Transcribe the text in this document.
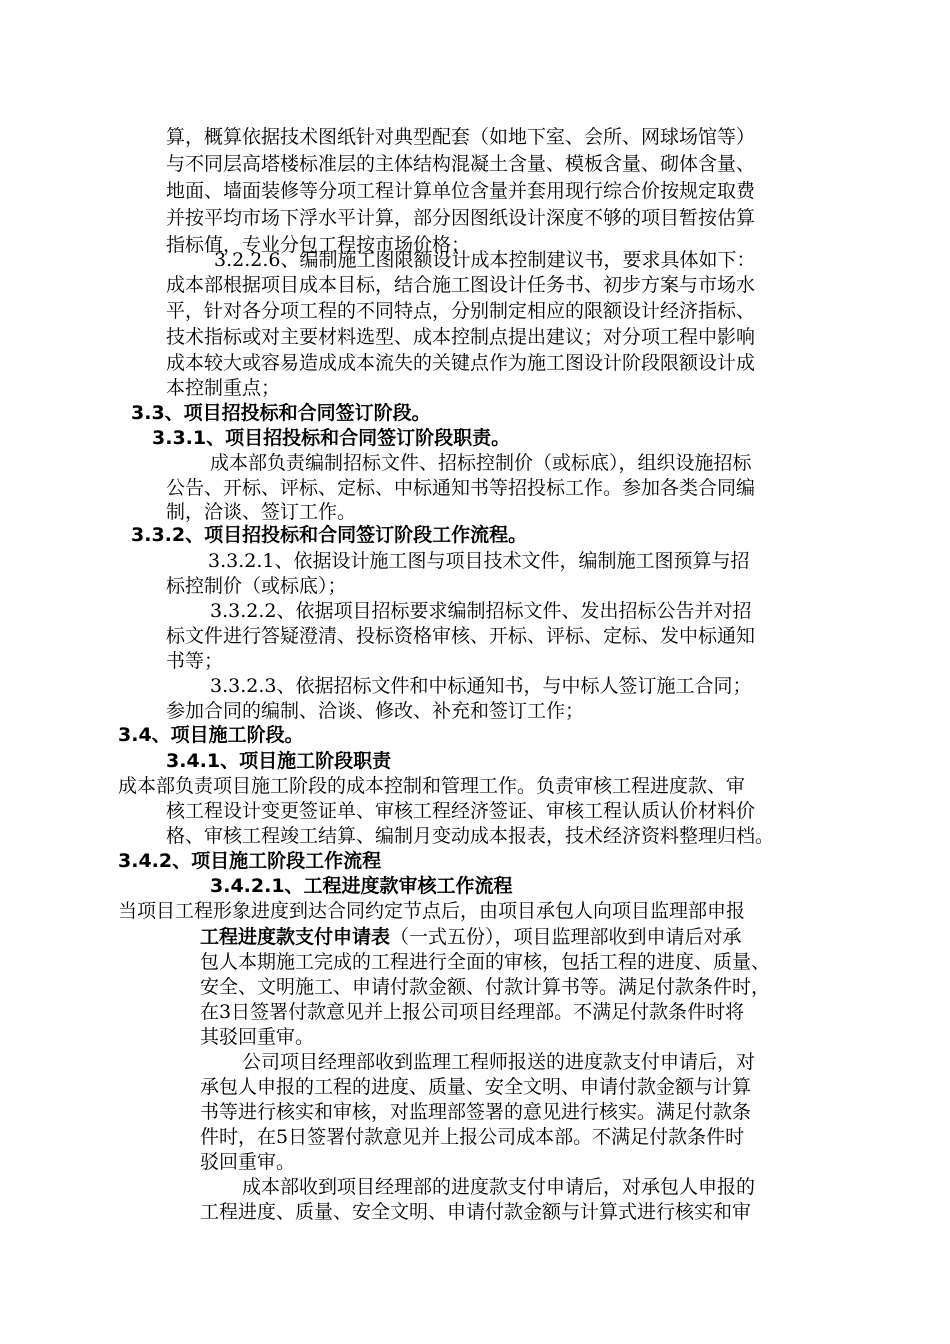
算，概算依据技术图纸针对典型配套（如地下室、会所、网球场馆等）
与不同层高塔楼标准层的主体结构混凝土含量、模板含量、砌体含量、
地面、墙面装修等分项工程计算单位含量并套用现行综合价按规定取费
并按平均市场下浮水平计算，部分因图纸设计深度不够的项目暂按估算
指标值，专业分包工程按市场价格；
3.2.2.6、编制施工图限额设计成本控制建议书，要求具体如下：
成本部根据项目成本目标，结合施工图设计任务书、初步方案与市场水
平，针对各分项工程的不同特点，分别制定相应的限额设计经济指标、
技术指标或对主要材料选型、成本控制点提出建议；对分项工程中影响
成本较大或容易造成成本流失的关键点作为施工图设计阶段限额设计成
本控制重点；
3.3、项目招投标和合同签订阶段。
3.3.1、项目招投标和合同签订阶段职责。
成本部负责编制招标文件、招标控制价（或标底），组织设施招标
公告、开标、评标、定标、中标通知书等招投标工作。参加各类合同编
制，洽谈、签订工作。
3.3.2、项目招投标和合同签订阶段工作流程。
3.3.2.1、依据设计施工图与项目技术文件，编制施工图预算与招
标控制价（或标底）；
3.3.2.2、依据项目招标要求编制招标文件、发出招标公告并对招
标文件进行答疑澄清、投标资格审核、开标、评标、定标、发中标通知
书等；
3.3.2.3、依据招标文件和中标通知书，与中标人签订施工合同；
参加合同的编制、洽谈、修改、补充和签订工作；
3.4、项目施工阶段。
3.4.1、项目施工阶段职责
成本部负责项目施工阶段的成本控制和管理工作。负责审核工程进度款、审
核工程设计变更签证单、审核工程经济签证、审核工程认质认价材料价
格、审核工程竣工结算、编制月变动成本报表，技术经济资料整理归档。
3.4.2、项目施工阶段工作流程
3.4.2.1、工程进度款审核工作流程
当项目工程形象进度到达合同约定节点后，由项目承包人向项目监理部申报
工程进度款支付申请表（一式五份），项目监理部收到申请后对承
包人本期施工完成的工程进行全面的审核，包括工程的进度、质量、
安全、文明施工、申请付款金额、付款计算书等。满足付款条件时，
在3日签署付款意见并上报公司项目经理部。不满足付款条件时将
其驳回重审。
公司项目经理部收到监理工程师报送的进度款支付申请后，对
承包人申报的工程的进度、质量、安全文明、申请付款金额与计算
书等进行核实和审核，对监理部签署的意见进行核实。满足付款条
件时，在5日签署付款意见并上报公司成本部。不满足付款条件时
驳回重审。
成本部收到项目经理部的进度款支付申请后，对承包人申报的
工程进度、质量、安全文明、申请付款金额与计算式进行核实和审
